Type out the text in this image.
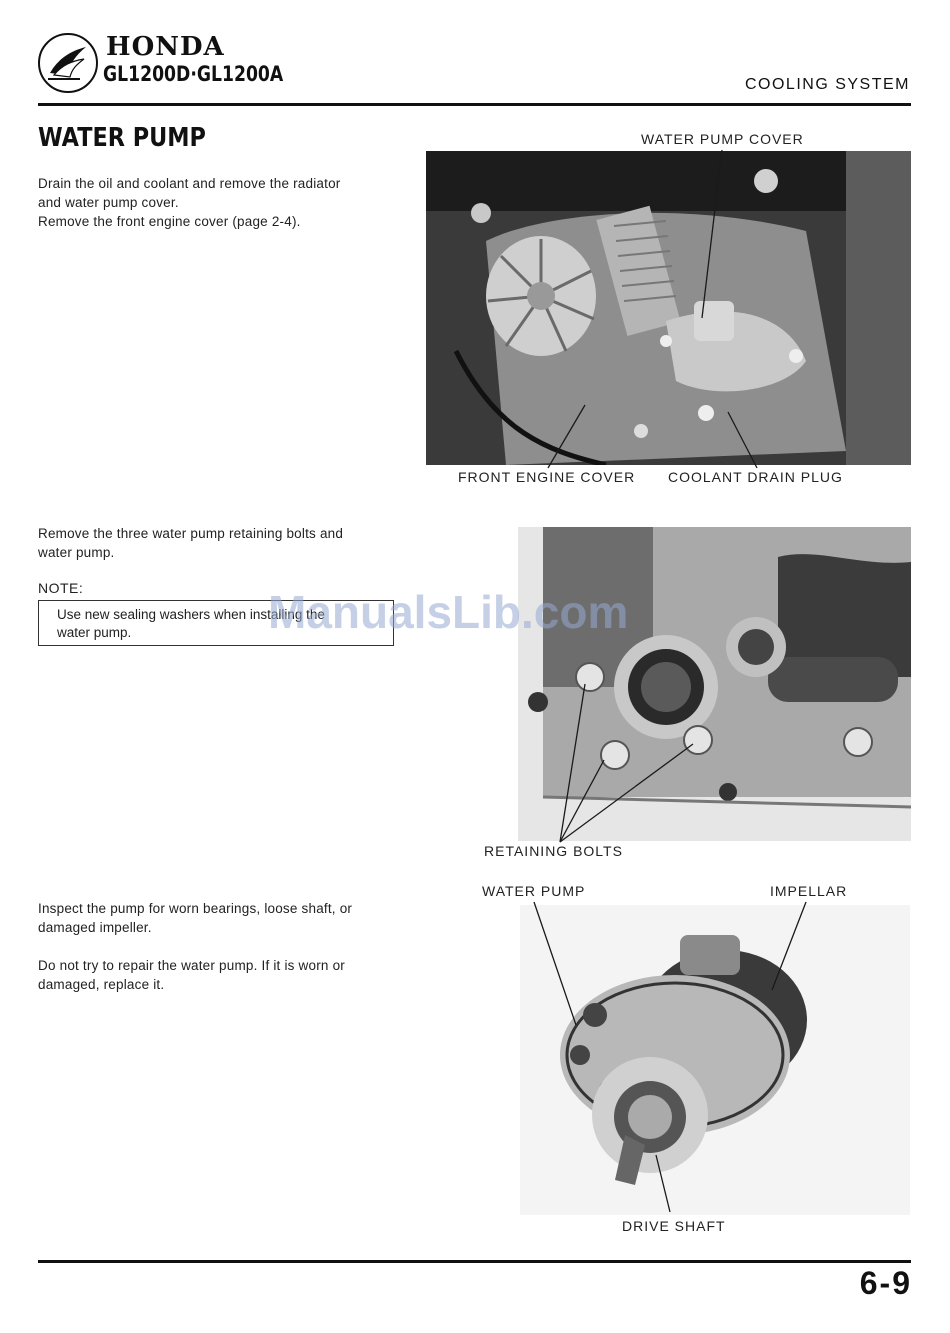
HONDA
GL1200D·GL1200A	COOLING SYSTEM
WATER PUMP
Drain the oil and coolant and remove the radiator
and water pump cover.
Remove the front engine cover (page 2-4).
Remove the three water pump retaining bolts and
water pump.
NOTE:
Use new sealing washers when installing the
water pump.
Inspect the pump for worn bearings, loose shaft, or
damaged impeller.
Do not try to repair the water pump. If it is worn or
damaged, replace it.
WATER PUMP COVER
FRONT ENGINE COVER COOLANT DRAIN PLUG
RETAINING BOLTS
WATER PUMP	IMPELLAR
DRIVE SHAFT
ManualsLib.com
6-9
